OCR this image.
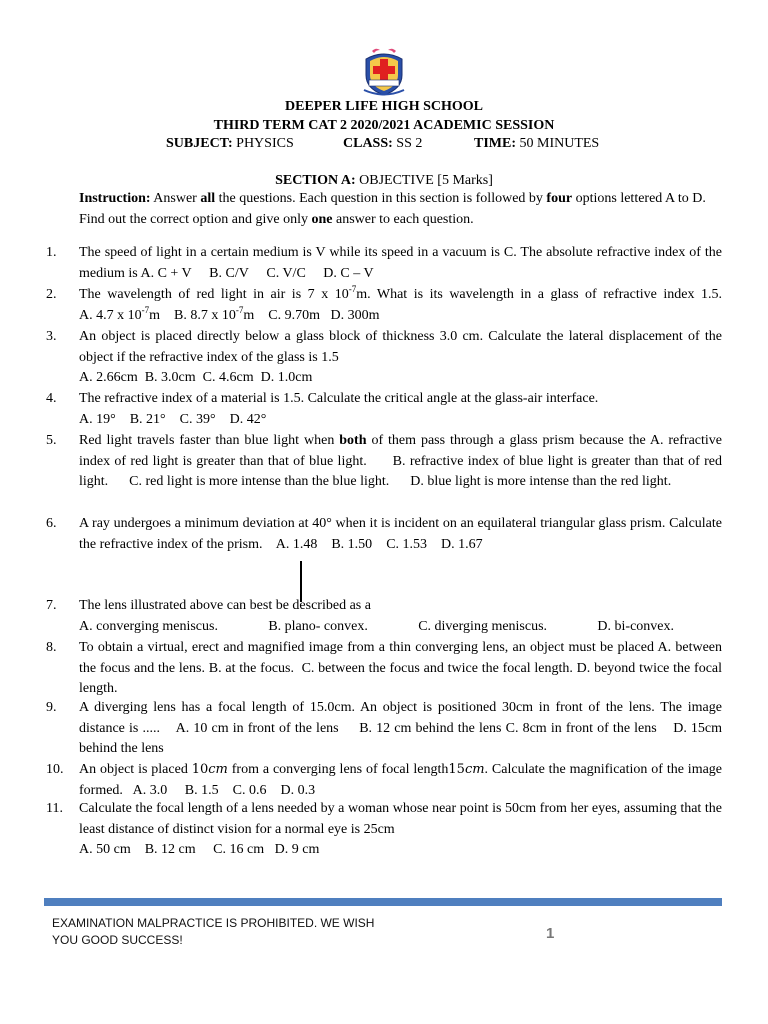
DEEPER LIFE HIGH SCHOOL
THIRD TERM CAT 2 2020/2021 ACADEMIC SESSION
SUBJECT: PHYSICS	CLASS: SS 2	TIME: 50 MINUTES
SECTION A: OBJECTIVE [5 Marks]
Instruction: Answer all the questions. Each question in this section is followed by four options lettered A to D. Find out the correct option and give only one answer to each question.
1.	The speed of light in a certain medium is V while its speed in a vacuum is C. The absolute refractive index of the medium is A. C + V B. C/V C. V/C D. C – V
2.	The wavelength of red light in air is 7 x $10^{-7}m$. What is its wavelength in a glass of refractive index 1.5. A. 4.7 x $10^{-7}m$ B. 8.7 x $10^{-7}m$ C. 9.70m D. 300m
3.	An object is placed directly below a glass block of thickness 3.0 cm. Calculate the lateral displacement of the object if the refractive index of the glass is 1.5

A. 2.66cm B. 3.0cm C. 4.6cm D. 1.0cm

4.	The refractive index of a material is 1.5. Calculate the critical angle at the glass-air interface.

A. 19° B. 21° C. 39° D. 42°

5.	Red light travels faster than blue light when both of them pass through a glass prism because the A. refractive index of red light is greater than that of blue light. B. refractive index of blue light is greater than that of red light. C. red light is more intense than the blue light. D. blue light is more intense than the red light.
6.	A ray undergoes a minimum deviation at 40° when it is incident on an equilateral triangular glass prism. Calculate the refractive index of the prism. A. 1.48 B. 1.50 C. 1.53 D. 1.67
7.	The lens illustrated above can best be described as a

A. converging meniscus.	B. plano- convex.	C. diverging meniscus.	D. bi-convex.
8.	To obtain a virtual, erect and magnified image from a thin converging lens, an object must be placed A. between the focus and the lens. B. at the focus. C. between the focus and twice the focal length. D. beyond twice the focal length.
9.	A diverging lens has a focal length of 15.0cm. An object is positioned 30cm in front of the lens. The image distance is ..... A. 10 cm in front of the lens B. 12 cm behind the lens C. 8cm in front of the lens D. 15cm behind the lens
10.	An object is placed 10cm from a converging lens of focal length15cm. Calculate the magnification of the image formed. A. 3.0 B. 1.5 C. 0.6 D. 0.3
11.	Calculate the focal length of a lens needed by a woman whose near point is 50cm from her eyes, assuming that the least distance of distinct vision for a normal eye is 25cm

A. 50 cm B. 12 cm C. 16 cm D. 9 cm

EXAMINATION MALPRACTICE IS PROHIBITED. WE WISH YOU GOOD SUCCESS!	1
